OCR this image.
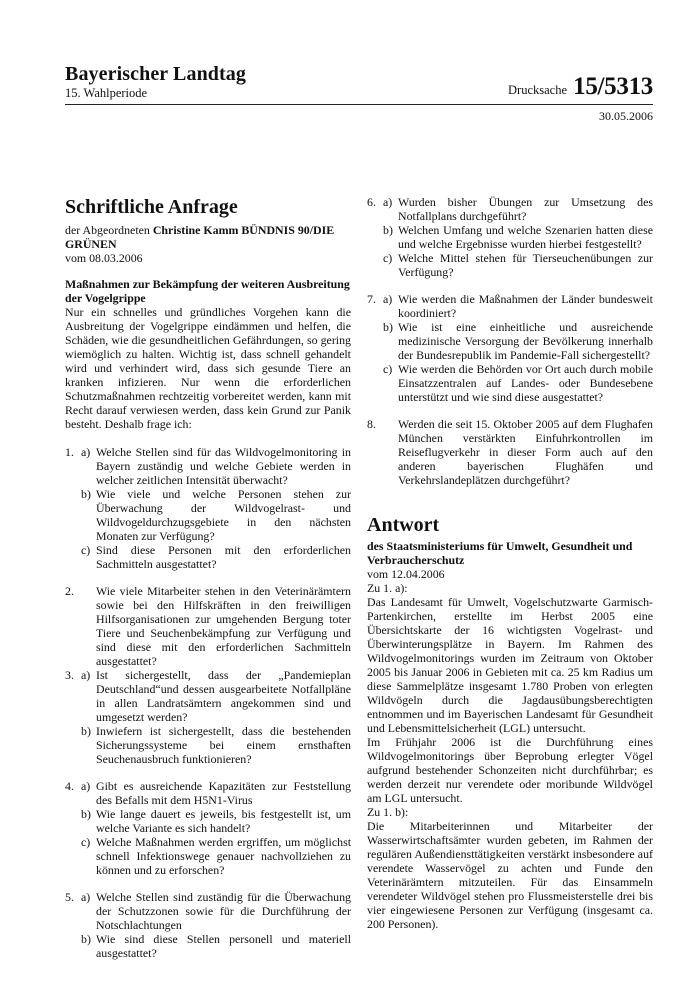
Bayerischer Landtag
15. Wahlperiode	Drucksache 15/5313
30.05.2006
Schriftliche Anfrage

der Abgeordneten Christine Kamm BÜNDNIS 90/DIE GRÜNEN

vom 08.03.2006

Maßnahmen zur Bekämpfung der weiteren Ausbreitung der Vogelgrippe

Nur ein schnelles und gründliches Vorgehen kann die Ausbreitung der Vogelgrippe eindämmen und helfen, die Schäden, wie die gesundheitlichen Gefährdungen, so gering wiemöglich zu halten. Wichtig ist, dass schnell gehandelt wird und verhindert wird, dass sich gesunde Tiere an kranken infizieren. Nur wenn die erforderlichen Schutzmaßnahmen rechtzeitig vorbereitet werden, kann mit Recht darauf verwiesen werden, dass kein Grund zur Panik besteht. Deshalb frage ich:

1. a) Welche Stellen sind für das Wildvogelmonitoring in Bayern zuständig und welche Gebiete werden in welcher zeitlichen Intensität überwacht?

b) Wie viele und welche Personen stehen zur Überwachung der Wildvogelrast- und Wildvogeldurchzugsgebiete in den nächsten Monaten zur Verfügung?

c) Sind diese Personen mit den erforderlichen Sachmitteln ausgestattet?

2. Wie viele Mitarbeiter stehen in den Veterinärämtern sowie bei den Hilfskräften in den freiwilligen Hilfsorganisationen zur umgehenden Bergung toter Tiere und Seuchenbekämpfung zur Verfügung und sind diese mit den erforderlichen Sachmitteln ausgestattet?

3. a) Ist sichergestellt, dass der „Pandemieplan Deutschland“und dessen ausgearbeitete Notfallpläne in allen Landratsämtern angekommen sind und umgesetzt werden?

b) Inwiefern ist sichergestellt, dass die bestehenden Sicherungssysteme bei einem ernsthaften Seuchenausbruch funktionieren?

4. a) Gibt es ausreichende Kapazitäten zur Feststellung des Befalls mit dem H5N1-Virus

b) Wie lange dauert es jeweils, bis festgestellt ist, um welche Variante es sich handelt?

c) Welche Maßnahmen werden ergriffen, um möglichst schnell Infektionswege genauer nachvollziehen zu können und zu erforschen?

5. a) Welche Stellen sind zuständig für die Überwachung der Schutzzonen sowie für die Durchführung der Notschlachtungen

b) Wie sind diese Stellen personell und materiell ausgestattet?

6. a) Wurden bisher Übungen zur Umsetzung des Notfallplans durchgeführt?

b) Welchen Umfang und welche Szenarien hatten diese und welche Ergebnisse wurden hierbei festgestellt?

c) Welche Mittel stehen für Tierseuchenübungen zur Verfügung?

7. a) Wie werden die Maßnahmen der Länder bundesweit koordiniert?

b) Wie ist eine einheitliche und ausreichende medizinische Versorgung der Bevölkerung innerhalb der Bundesrepublik im Pandemie-Fall sichergestellt?

c) Wie werden die Behörden vor Ort auch durch mobile Einsatzzentralen auf Landes- oder Bundesebene unterstützt und wie sind diese ausgestattet?

8. Werden die seit 15. Oktober 2005 auf dem Flughafen München verstärkten Einfuhrkontrollen im Reiseflugverkehr in dieser Form auch auf den anderen bayerischen Flughäfen und Verkehrslandeplätzen durchgeführt?

Antwort

des Staatsministeriums für Umwelt, Gesundheit und Verbraucherschutz

vom 12.04.2006

Zu 1. a):

Das Landesamt für Umwelt, Vogelschutzwarte Garmisch-Partenkirchen, erstellte im Herbst 2005 eine Übersichtskarte der 16 wichtigsten Vogelrast- und Überwinterungsplätze in Bayern. Im Rahmen des Wildvogelmonitorings wurden im Zeitraum von Oktober 2005 bis Januar 2006 in Gebieten mit ca. 25 km Radius um diese Sammelplätze insgesamt 1.780 Proben von erlegten Wildvögeln durch die Jagdausübungsberechtigten entnommen und im Bayerischen Landesamt für Gesundheit und Lebensmittelsicherheit (LGL) untersucht.

Im Frühjahr 2006 ist die Durchführung eines Wildvogelmonitorings über Beprobung erlegter Vögel aufgrund bestehender Schonzeiten nicht durchführbar; es werden derzeit nur verendete oder moribunde Wildvögel am LGL untersucht.

Zu 1. b):

Die Mitarbeiterinnen und Mitarbeiter der Wasserwirtschaftsämter wurden gebeten, im Rahmen der regulären Außendiensttätigkeiten verstärkt insbesondere auf verendete Wasservögel zu achten und Funde den Veterinärämtern mitzuteilen. Für das Einsammeln verendeter Wildvögel stehen pro Flussmeisterstelle drei bis vier eingewiesene Personen zur Verfügung (insgesamt ca. 200 Personen).
